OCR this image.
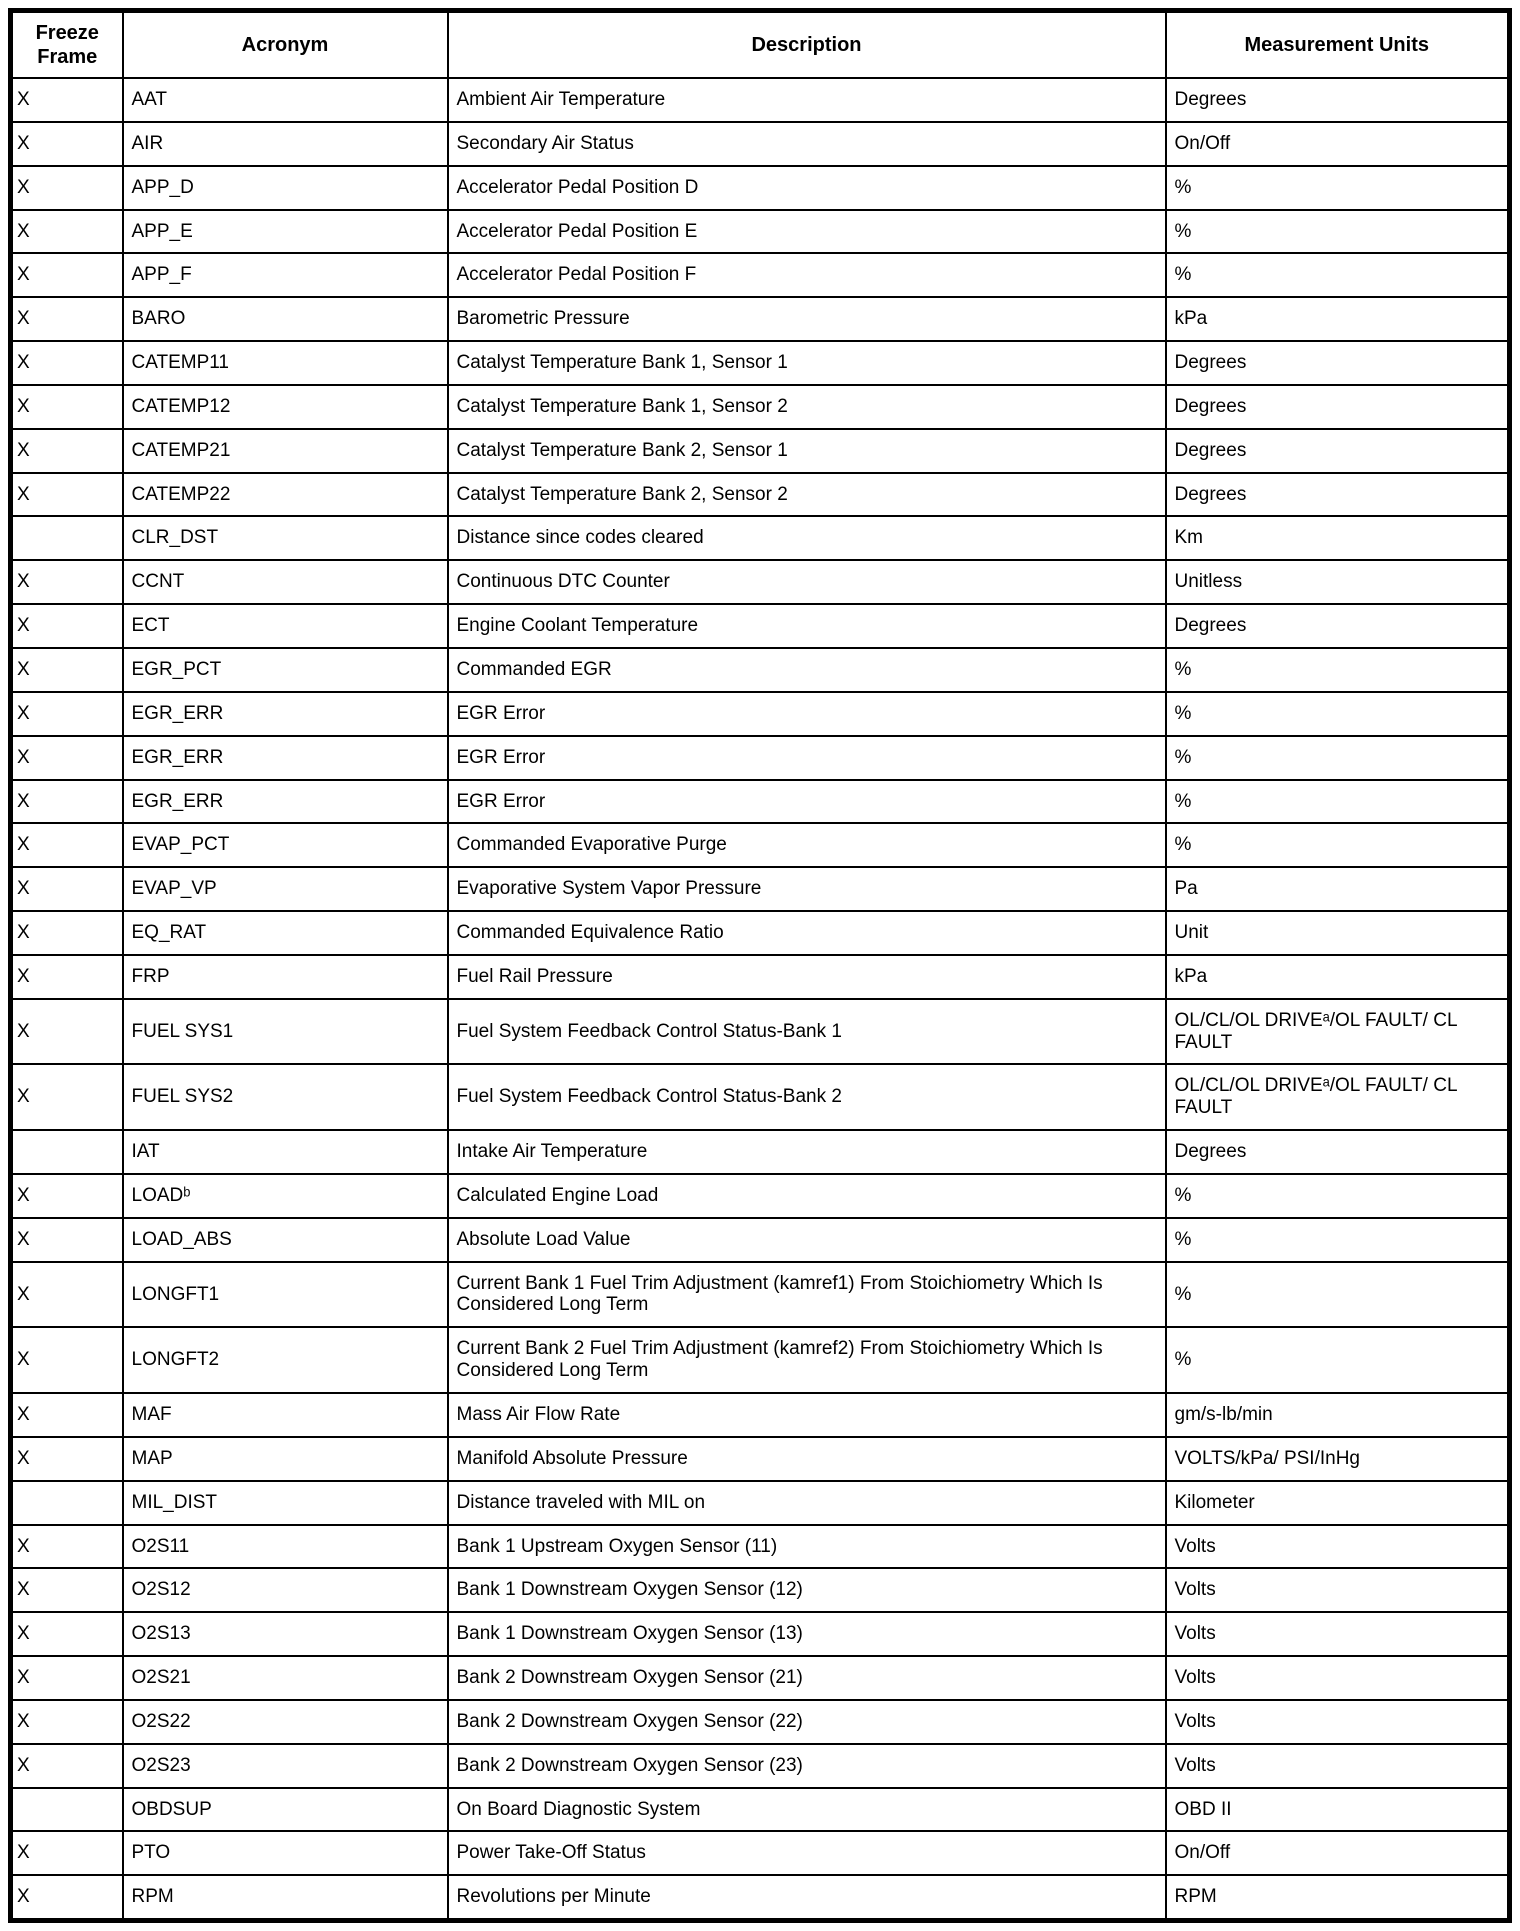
Freeze Frame	Acronym	Description	Measurement Units
X	AAT	Ambient Air Temperature	Degrees
X	AIR	Secondary Air Status	On/Off
X	APP_D	Accelerator Pedal Position D	%
X	APP_E	Accelerator Pedal Position E	%
X	APP_F	Accelerator Pedal Position F	%
X	BARO	Barometric Pressure	kPa
X	CATEMP11	Catalyst Temperature Bank 1, Sensor 1	Degrees
X	CATEMP12	Catalyst Temperature Bank 1, Sensor 2	Degrees
X	CATEMP21	Catalyst Temperature Bank 2, Sensor 1	Degrees
X	CATEMP22	Catalyst Temperature Bank 2, Sensor 2	Degrees
	CLR_DST	Distance since codes cleared	Km
X	CCNT	Continuous DTC Counter	Unitless
X	ECT	Engine Coolant Temperature	Degrees
X	EGR_PCT	Commanded EGR	%
X	EGR_ERR	EGR Error	%
X	EGR_ERR	EGR Error	%
X	EGR_ERR	EGR Error	%
X	EVAP_PCT	Commanded Evaporative Purge	%
X	EVAP_VP	Evaporative System Vapor Pressure	Pa
X	EQ_RAT	Commanded Equivalence Ratio	Unit
X	FRP	Fuel Rail Pressure	kPa
X	FUEL SYS1	Fuel System Feedback Control Status-Bank 1	OL/CL/OL DRIVEᵃ/OL FAULT/ CL FAULT
X	FUEL SYS2	Fuel System Feedback Control Status-Bank 2	OL/CL/OL DRIVEᵃ/OL FAULT/ CL FAULT
	IAT	Intake Air Temperature	Degrees
X	LOADᵇ	Calculated Engine Load	%
X	LOAD_ABS	Absolute Load Value	%
X	LONGFT1	Current Bank 1 Fuel Trim Adjustment (kamref1) From Stoichiometry Which Is Considered Long Term	%
X	LONGFT2	Current Bank 2 Fuel Trim Adjustment (kamref2) From Stoichiometry Which Is Considered Long Term	%
X	MAF	Mass Air Flow Rate	gm/s-lb/min
X	MAP	Manifold Absolute Pressure	VOLTS/kPa/ PSI/InHg
	MIL_DIST	Distance traveled with MIL on	Kilometer
X	O2S11	Bank 1 Upstream Oxygen Sensor (11)	Volts
X	O2S12	Bank 1 Downstream Oxygen Sensor (12)	Volts
X	O2S13	Bank 1 Downstream Oxygen Sensor (13)	Volts
X	O2S21	Bank 2 Downstream Oxygen Sensor (21)	Volts
X	O2S22	Bank 2 Downstream Oxygen Sensor (22)	Volts
X	O2S23	Bank 2 Downstream Oxygen Sensor (23)	Volts
	OBDSUP	On Board Diagnostic System	OBD II
X	PTO	Power Take-Off Status	On/Off
X	RPM	Revolutions per Minute	RPM
